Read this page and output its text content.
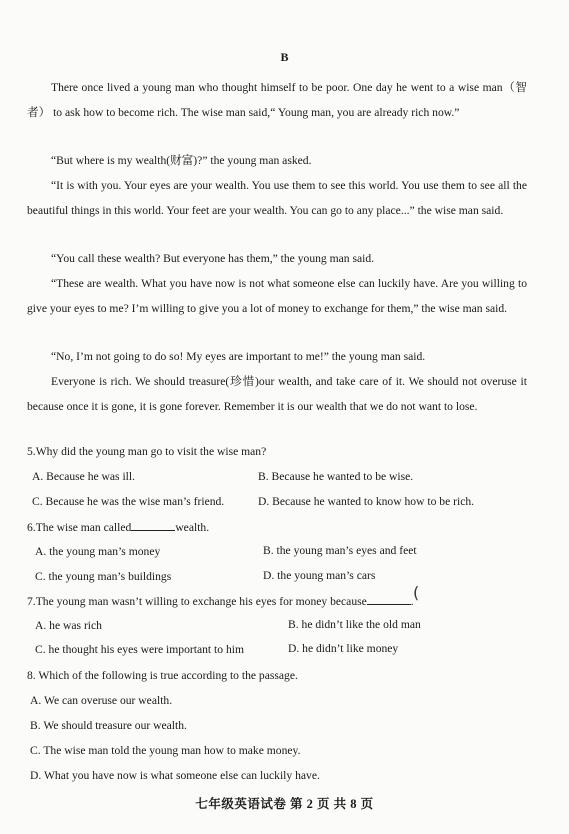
B

There once lived a young man who thought himself to be poor. One day he went to a wise man（智者） to ask how to become rich. The wise man said,“ Young man, you are already rich now.”

“But where is my wealth(财富)?” the young man asked.

“It is with you. Your eyes are your wealth. You use them to see this world. You use them to see all the beautiful things in this world. Your feet are your wealth. You can go to any place...” the wise man said.

“You call these wealth? But everyone has them,” the young man said.

“These are wealth. What you have now is not what someone else can luckily have. Are you willing to give your eyes to me? I’m willing to give you a lot of money to exchange for them,” the wise man said.

“No, I’m not going to do so! My eyes are important to me!” the young man said.

Everyone is rich. We should treasure(珍惜)our wealth, and take care of it. We should not overuse it because once it is gone, it is gone forever. Remember it is our wealth that we do not want to lose.

5.Why did the young man go to visit the wise man?
A. Because he was ill.	B. Because he wanted to be wise.
C. Because he was the wise man’s friend.	D. Because he wanted to know how to be rich.
6.The wise man called	wealth.
A. the young man’s money	B. the young man’s eyes and feet
C. the young man’s buildings	D. the young man’s cars
7.The young man wasn’t willing to exchange his eyes for money because	. (
A. he was rich	B. he didn’t like the old man
C. he thought his eyes were important to him	D. he didn’t like money
8. Which of the following is true according to the passage.
A. We can overuse our wealth.
B. We should treasure our wealth.
C. The wise man told the young man how to make money.
D. What you have now is what someone else can luckily have.
七年级英语试卷 第 2 页 共 8 页
